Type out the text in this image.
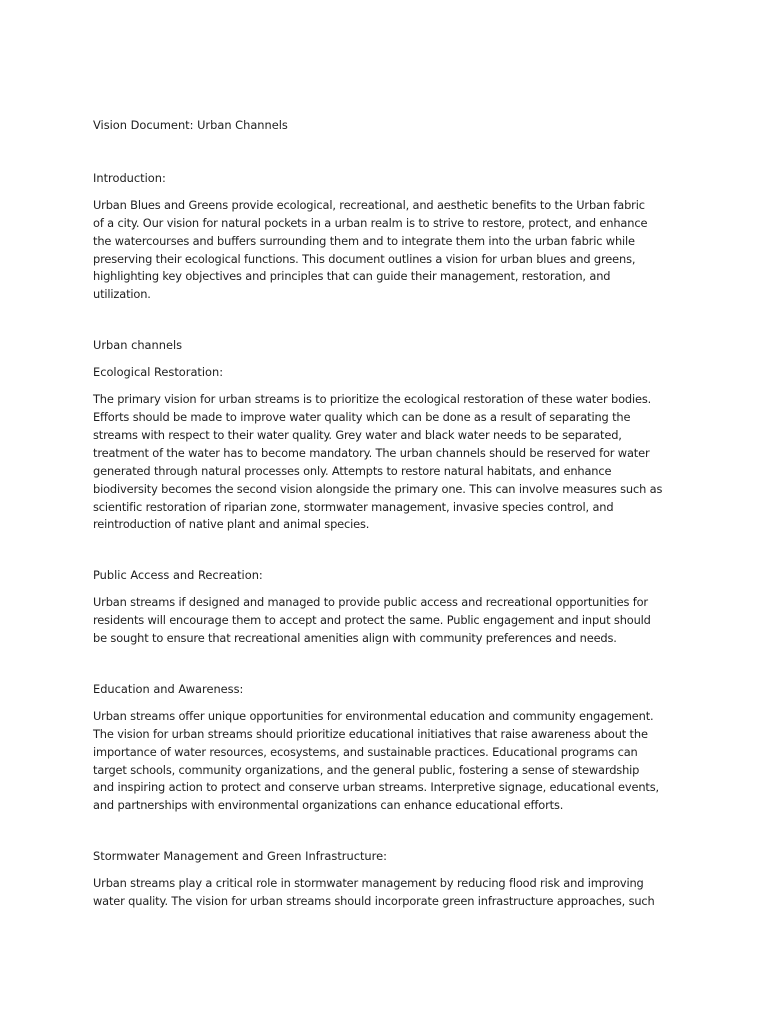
Vision Document: Urban Channels

Introduction:

Urban Blues and Greens provide ecological, recreational, and aesthetic benefits to the Urban fabric
of a city. Our vision for natural pockets in a urban realm is to strive to restore, protect, and enhance
the watercourses and buffers surrounding them and to integrate them into the urban fabric while
preserving their ecological functions. This document outlines a vision for urban blues and greens,
highlighting key objectives and principles that can guide their management, restoration, and
utilization.

Urban channels

Ecological Restoration:

The primary vision for urban streams is to prioritize the ecological restoration of these water bodies.
Efforts should be made to improve water quality which can be done as a result of separating the
streams with respect to their water quality. Grey water and black water needs to be separated,
treatment of the water has to become mandatory. The urban channels should be reserved for water
generated through natural processes only. Attempts to restore natural habitats, and enhance
biodiversity becomes the second vision alongside the primary one. This can involve measures such as
scientific restoration of riparian zone, stormwater management, invasive species control, and
reintroduction of native plant and animal species.

Public Access and Recreation:

Urban streams if designed and managed to provide public access and recreational opportunities for
residents will encourage them to accept and protect the same. Public engagement and input should
be sought to ensure that recreational amenities align with community preferences and needs.

Education and Awareness:

Urban streams offer unique opportunities for environmental education and community engagement.
The vision for urban streams should prioritize educational initiatives that raise awareness about the
importance of water resources, ecosystems, and sustainable practices. Educational programs can
target schools, community organizations, and the general public, fostering a sense of stewardship
and inspiring action to protect and conserve urban streams. Interpretive signage, educational events,
and partnerships with environmental organizations can enhance educational efforts.

Stormwater Management and Green Infrastructure:

Urban streams play a critical role in stormwater management by reducing flood risk and improving
water quality. The vision for urban streams should incorporate green infrastructure approaches, such
